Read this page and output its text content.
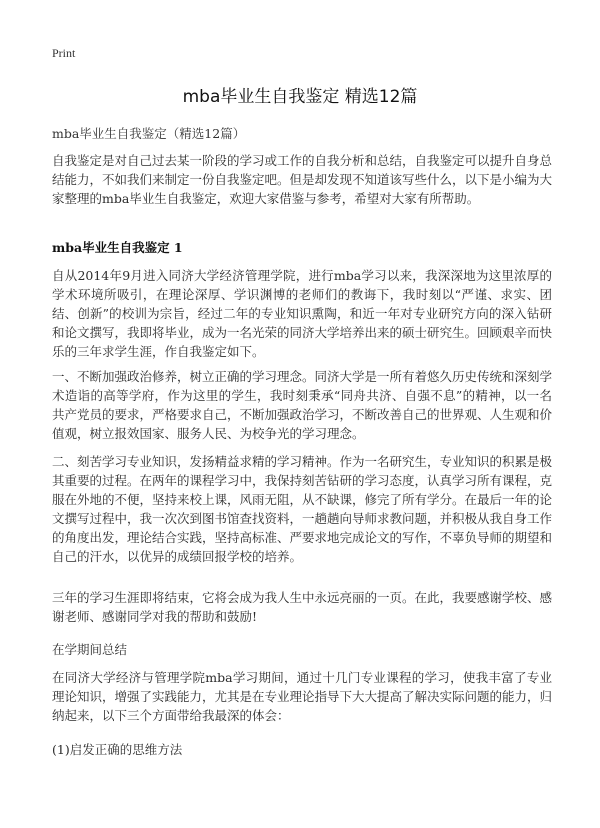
Print
mba毕业生自我鉴定 精选12篇
mba毕业生自我鉴定（精选12篇）
自我鉴定是对自己过去某一阶段的学习或工作的自我分析和总结，自我鉴定可以提升自身总结能力，不如我们来制定一份自我鉴定吧。但是却发现不知道该写些什么，以下是小编为大家整理的mba毕业生自我鉴定，欢迎大家借鉴与参考，希望对大家有所帮助。
mba毕业生自我鉴定 1
自从2014年9月进入同济大学经济管理学院，进行mba学习以来，我深深地为这里浓厚的学术环境所吸引，在理论深厚、学识渊博的老师们的教诲下，我时刻以“严谨、求实、团结、创新”的校训为宗旨，经过二年的专业知识熏陶，和近一年对专业研究方向的深入钻研和论文撰写，我即将毕业，成为一名光荣的同济大学培养出来的硕士研究生。回顾艰辛而快乐的三年求学生涯，作自我鉴定如下。
一、不断加强政治修养，树立正确的学习理念。同济大学是一所有着悠久历史传统和深刻学术造诣的高等学府，作为这里的学生，我时刻秉承“同舟共济、自强不息”的精神，以一名共产党员的要求，严格要求自己，不断加强政治学习，不断改善自己的世界观、人生观和价值观，树立报效国家、服务人民、为校争光的学习理念。
二、刻苦学习专业知识，发扬精益求精的学习精神。作为一名研究生，专业知识的积累是极其重要的过程。在两年的课程学习中，我保持刻苦钻研的学习态度，认真学习所有课程，克服在外地的不便，坚持来校上课，风雨无阻，从不缺课，修完了所有学分。在最后一年的论文撰写过程中，我一次次到图书馆查找资料，一趟趟向导师求教问题，并积极从我自身工作的角度出发，理论结合实践，坚持高标准、严要求地完成论文的写作，不辜负导师的期望和自己的汗水，以优异的成绩回报学校的培养。
三年的学习生涯即将结束，它将会成为我人生中永远亮丽的一页。在此，我要感谢学校、感谢老师、感谢同学对我的帮助和鼓励!
在学期间总结
在同济大学经济与管理学院mba学习期间，通过十几门专业课程的学习，使我丰富了专业理论知识，增强了实践能力，尤其是在专业理论指导下大大提高了解决实际问题的能力，归纳起来，以下三个方面带给我最深的体会：
(1)启发正确的思维方法
